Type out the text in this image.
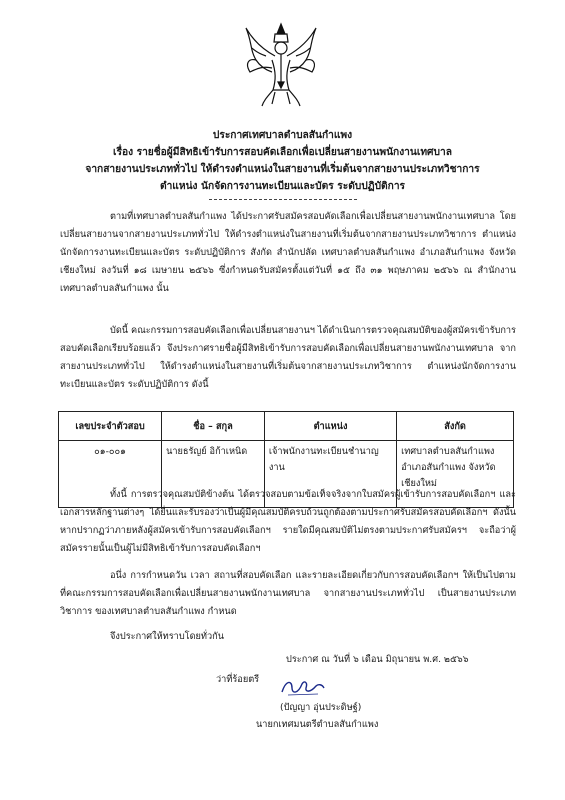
ประกาศเทศบาลตำบลสันกำแพง
เรื่อง รายชื่อผู้มีสิทธิเข้ารับการสอบคัดเลือกเพื่อเปลี่ยนสายงานพนักงานเทศบาล
จากสายงานประเภททั่วไป ให้ดำรงตำแหน่งในสายงานที่เริ่มต้นจากสายงานประเภทวิชาการ
ตำแหน่ง นักจัดการงานทะเบียนและบัตร ระดับปฏิบัติการ

ตามที่เทศบาลตำบลสันกำแพง ได้ประกาศรับสมัครสอบคัดเลือกเพื่อเปลี่ยนสายงานพนักงานเทศบาล โดยเปลี่ยนสายงานจากสายงานประเภททั่วไป ให้ดำรงตำแหน่งในสายงานที่เริ่มต้นจากสายงานประเภทวิชาการ ตำแหน่งนักจัดการงานทะเบียนและบัตร ระดับปฏิบัติการ สังกัด สำนักปลัด เทศบาลตำบลสันกำแพง อำเภอสันกำแพง จังหวัดเชียงใหม่ ลงวันที่ ๑๘ เมษายน ๒๕๖๖ ซึ่งกำหนดรับสมัครตั้งแต่วันที่ ๑๕ ถึง ๓๑ พฤษภาคม ๒๕๖๖ ณ สำนักงานเทศบาลตำบลสันกำแพง นั้น

บัดนี้ คณะกรรมการสอบคัดเลือกเพื่อเปลี่ยนสายงานฯ ได้ดำเนินการตรวจคุณสมบัติของผู้สมัครเข้ารับการสอบคัดเลือกเรียบร้อยแล้ว จึงประกาศรายชื่อผู้มีสิทธิเข้ารับการสอบคัดเลือกเพื่อเปลี่ยนสายงานพนักงานเทศบาล จากสายงานประเภททั่วไป ให้ดำรงตำแหน่งในสายงานที่เริ่มต้นจากสายงานประเภทวิชาการ ตำแหน่งนักจัดการงานทะเบียนและบัตร ระดับปฏิบัติการ ดังนี้

เลขประจำตัวสอบ	ชื่อ – สกุล	ตำแหน่ง	สังกัด
๐๑-๐๐๑	นายธรัญย์ อิก้าเหนิด	เจ้าพนักงานทะเบียนชำนาญงาน	เทศบาลตำบลสันกำแพง อำเภอสันกำแพง จังหวัดเชียงใหม่

ทั้งนี้ การตรวจคุณสมบัติข้างต้น ได้ตรวจสอบตามข้อเท็จจริงจากใบสมัครผู้เข้ารับการสอบคัดเลือกฯ และเอกสารหลักฐานต่างๆ ได้ยื่นและรับรองว่าเป็นผู้มีคุณสมบัติครบถ้วนถูกต้องตามประกาศรับสมัครสอบคัดเลือกฯ ดังนั้น หากปรากฏว่าภายหลังผู้สมัครเข้ารับการสอบคัดเลือกฯ รายใดมีคุณสมบัติไม่ตรงตามประกาศรับสมัครฯ จะถือว่าผู้สมัครรายนั้นเป็นผู้ไม่มีสิทธิเข้ารับการสอบคัดเลือกฯ

อนึ่ง การกำหนดวัน เวลา สถานที่สอบคัดเลือก และรายละเอียดเกี่ยวกับการสอบคัดเลือกฯ ให้เป็นไปตามที่คณะกรรมการสอบคัดเลือกเพื่อเปลี่ยนสายงานพนักงานเทศบาล จากสายงานประเภททั่วไป เป็นสายงานประเภทวิชาการ ของเทศบาลตำบลสันกำแพง กำหนด

จึงประกาศให้ทราบโดยทั่วกัน

ประกาศ ณ วันที่ ๖ เดือน มิถุนายน พ.ศ. ๒๕๖๖
ว่าที่ร้อยตรี
(ปัญญา อุ่นประดิษฐ์)
นายกเทศมนตรีตำบลสันกำแพง
